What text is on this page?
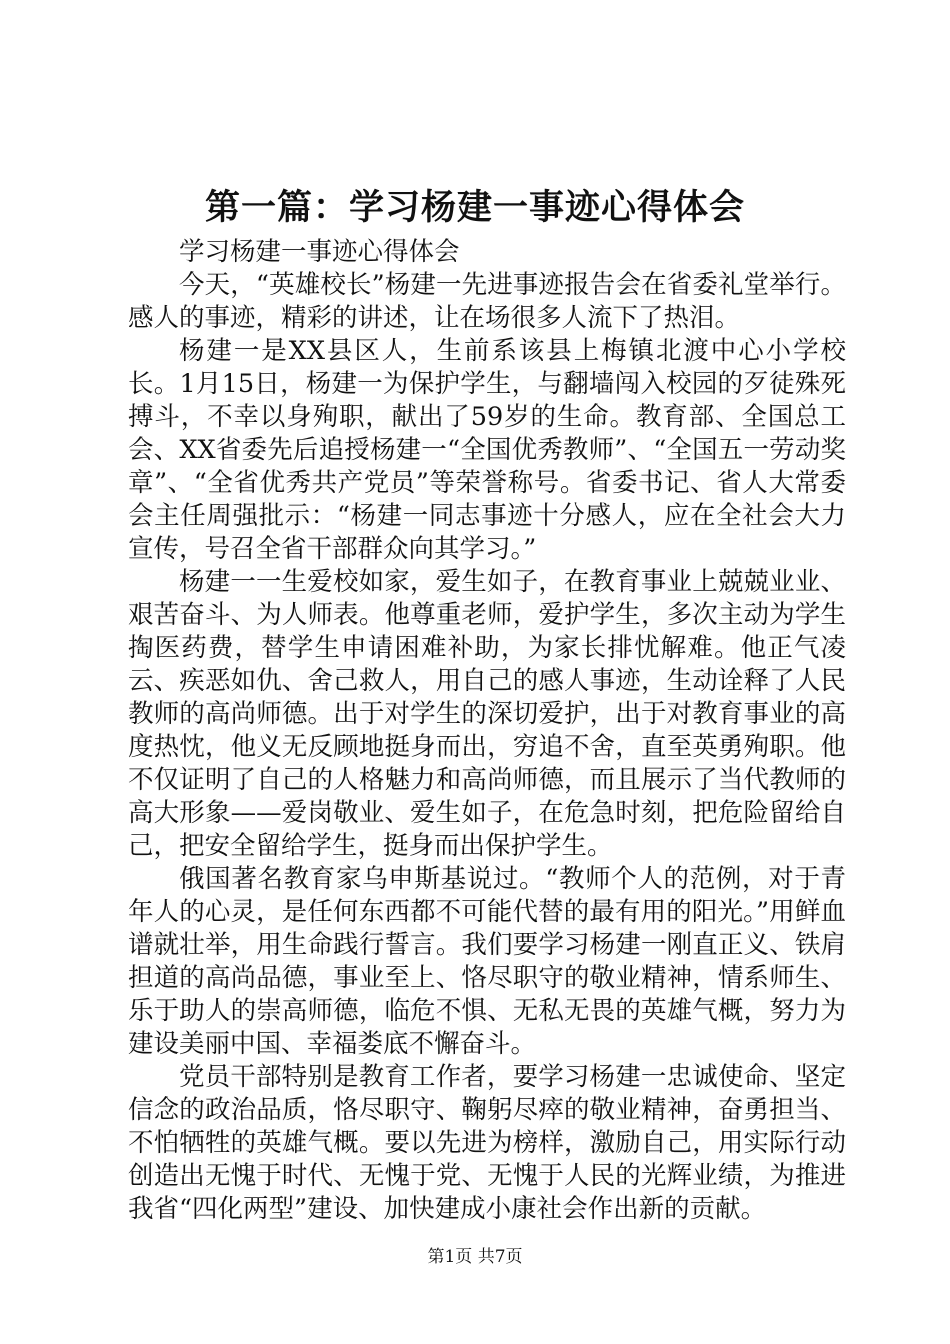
第一篇：学习杨建一事迹心得体会

学习杨建一事迹心得体会

今天，“英雄校长”杨建一先进事迹报告会在省委礼堂举行。感人的事迹，精彩的讲述，让在场很多人流下了热泪。

杨建一是XX县区人，生前系该县上梅镇北渡中心小学校长。1月15日，杨建一为保护学生，与翻墙闯入校园的歹徒殊死搏斗，不幸以身殉职，献出了59岁的生命。教育部、全国总工会、XX省委先后追授杨建一“全国优秀教师”、“全国五一劳动奖章”、“全省优秀共产党员”等荣誉称号。省委书记、省人大常委会主任周强批示：“杨建一同志事迹十分感人，应在全社会大力宣传，号召全省干部群众向其学习。”

杨建一一生爱校如家，爱生如子，在教育事业上兢兢业业、艰苦奋斗、为人师表。他尊重老师，爱护学生，多次主动为学生掏医药费，替学生申请困难补助，为家长排忧解难。他正气凌云、疾恶如仇、舍己救人，用自己的感人事迹，生动诠释了人民教师的高尚师德。出于对学生的深切爱护，出于对教育事业的高度热忱，他义无反顾地挺身而出，穷追不舍，直至英勇殉职。他不仅证明了自己的人格魅力和高尚师德，而且展示了当代教师的高大形象——爱岗敬业、爱生如子，在危急时刻，把危险留给自己，把安全留给学生，挺身而出保护学生。

俄国著名教育家乌申斯基说过。“教师个人的范例，对于青年人的心灵，是任何东西都不可能代替的最有用的阳光。”用鲜血谱就壮举，用生命践行誓言。我们要学习杨建一刚直正义、铁肩担道的高尚品德，事业至上、恪尽职守的敬业精神，情系师生、乐于助人的崇高师德，临危不惧、无私无畏的英雄气概，努力为建设美丽中国、幸福娄底不懈奋斗。

党员干部特别是教育工作者，要学习杨建一忠诚使命、坚定信念的政治品质，恪尽职守、鞠躬尽瘁的敬业精神，奋勇担当、不怕牺牲的英雄气概。要以先进为榜样，激励自己，用实际行动创造出无愧于时代、无愧于党、无愧于人民的光辉业绩，为推进我省“四化两型”建设、加快建成小康社会作出新的贡献。

第1页 共7页
